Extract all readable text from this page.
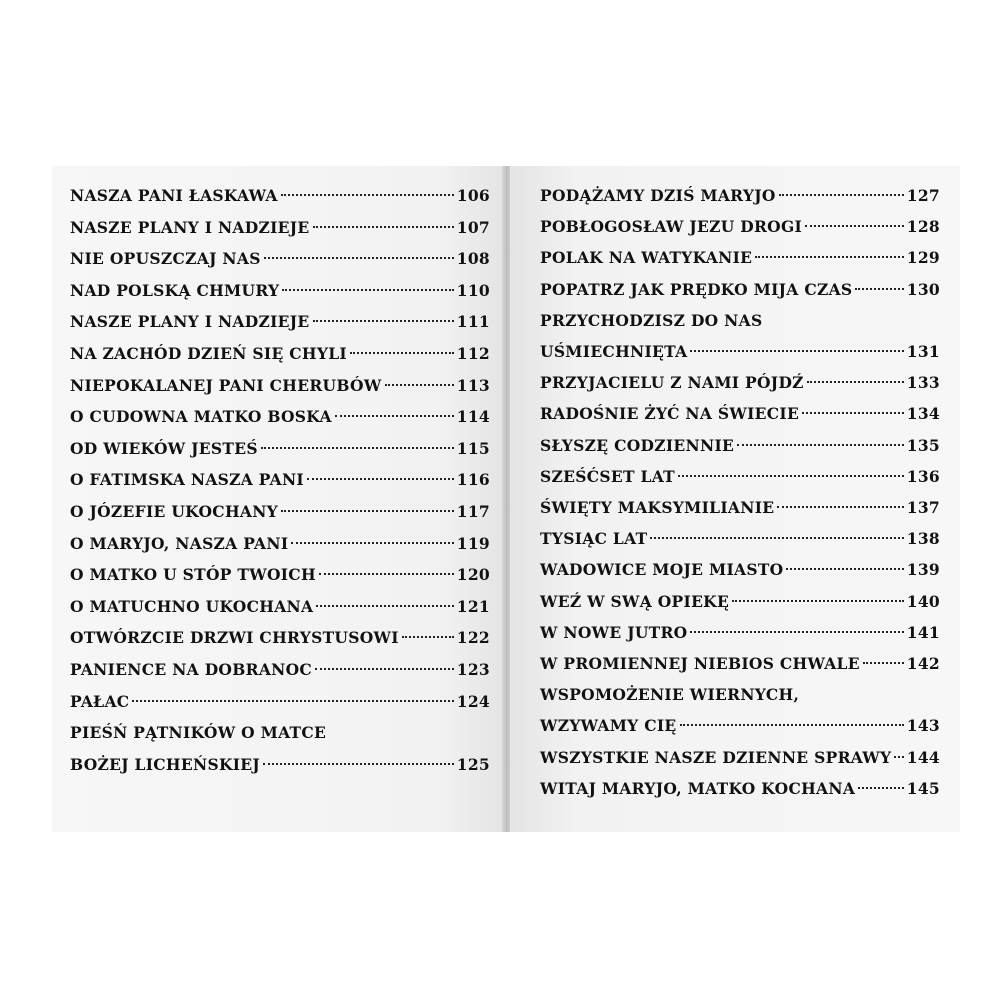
NASZA PANI ŁASKAWA	106
NASZE PLANY I NADZIEJE	107
NIE OPUSZCZAJ NAS	108
NAD POLSKĄ CHMURY	110
NASZE PLANY I NADZIEJE	111
NA ZACHÓD DZIEŃ SIĘ CHYLI	112
NIEPOKALANEJ PANI CHERUBÓW	113
O CUDOWNA MATKO BOSKA	114
OD WIEKÓW JESTEŚ	115
O FATIMSKA NASZA PANI	116
O JÓZEFIE UKOCHANY	117
O MARYJO, NASZA PANI	119
O MATKO U STÓP TWOICH	120
O MATUCHNO UKOCHANA	121
OTWÓRZCIE DRZWI CHRYSTUSOWI	122
PANIENCE NA DOBRANOC	123
PAŁAC	124
PIEŚŃ PĄTNIKÓW O MATCE
BOŻEJ LICHEŃSKIEJ	125
PODĄŻAMY DZIŚ MARYJO	127
POBŁOGOSŁAW JEZU DROGI	128
POLAK NA WATYKANIE	129
POPATRZ JAK PRĘDKO MIJA CZAS	130
PRZYCHODZISZ DO NAS
UŚMIECHNIĘTA	131
PRZYJACIELU Z NAMI PÓJDŹ	133
RADOŚNIE ŻYĆ NA ŚWIECIE	134
SŁYSZĘ CODZIENNIE	135
SZEŚĆSET LAT	136
ŚWIĘTY MAKSYMILIANIE	137
TYSIĄC LAT	138
WADOWICE MOJE MIASTO	139
WEŹ W SWĄ OPIEKĘ	140
W NOWE JUTRO	141
W PROMIENNEJ NIEBIOS CHWALE	142
WSPOMOŻENIE WIERNYCH,
WZYWAMY CIĘ	143
WSZYSTKIE NASZE DZIENNE SPRAWY 144
WITAJ MARYJO, MATKO KOCHANA	145
